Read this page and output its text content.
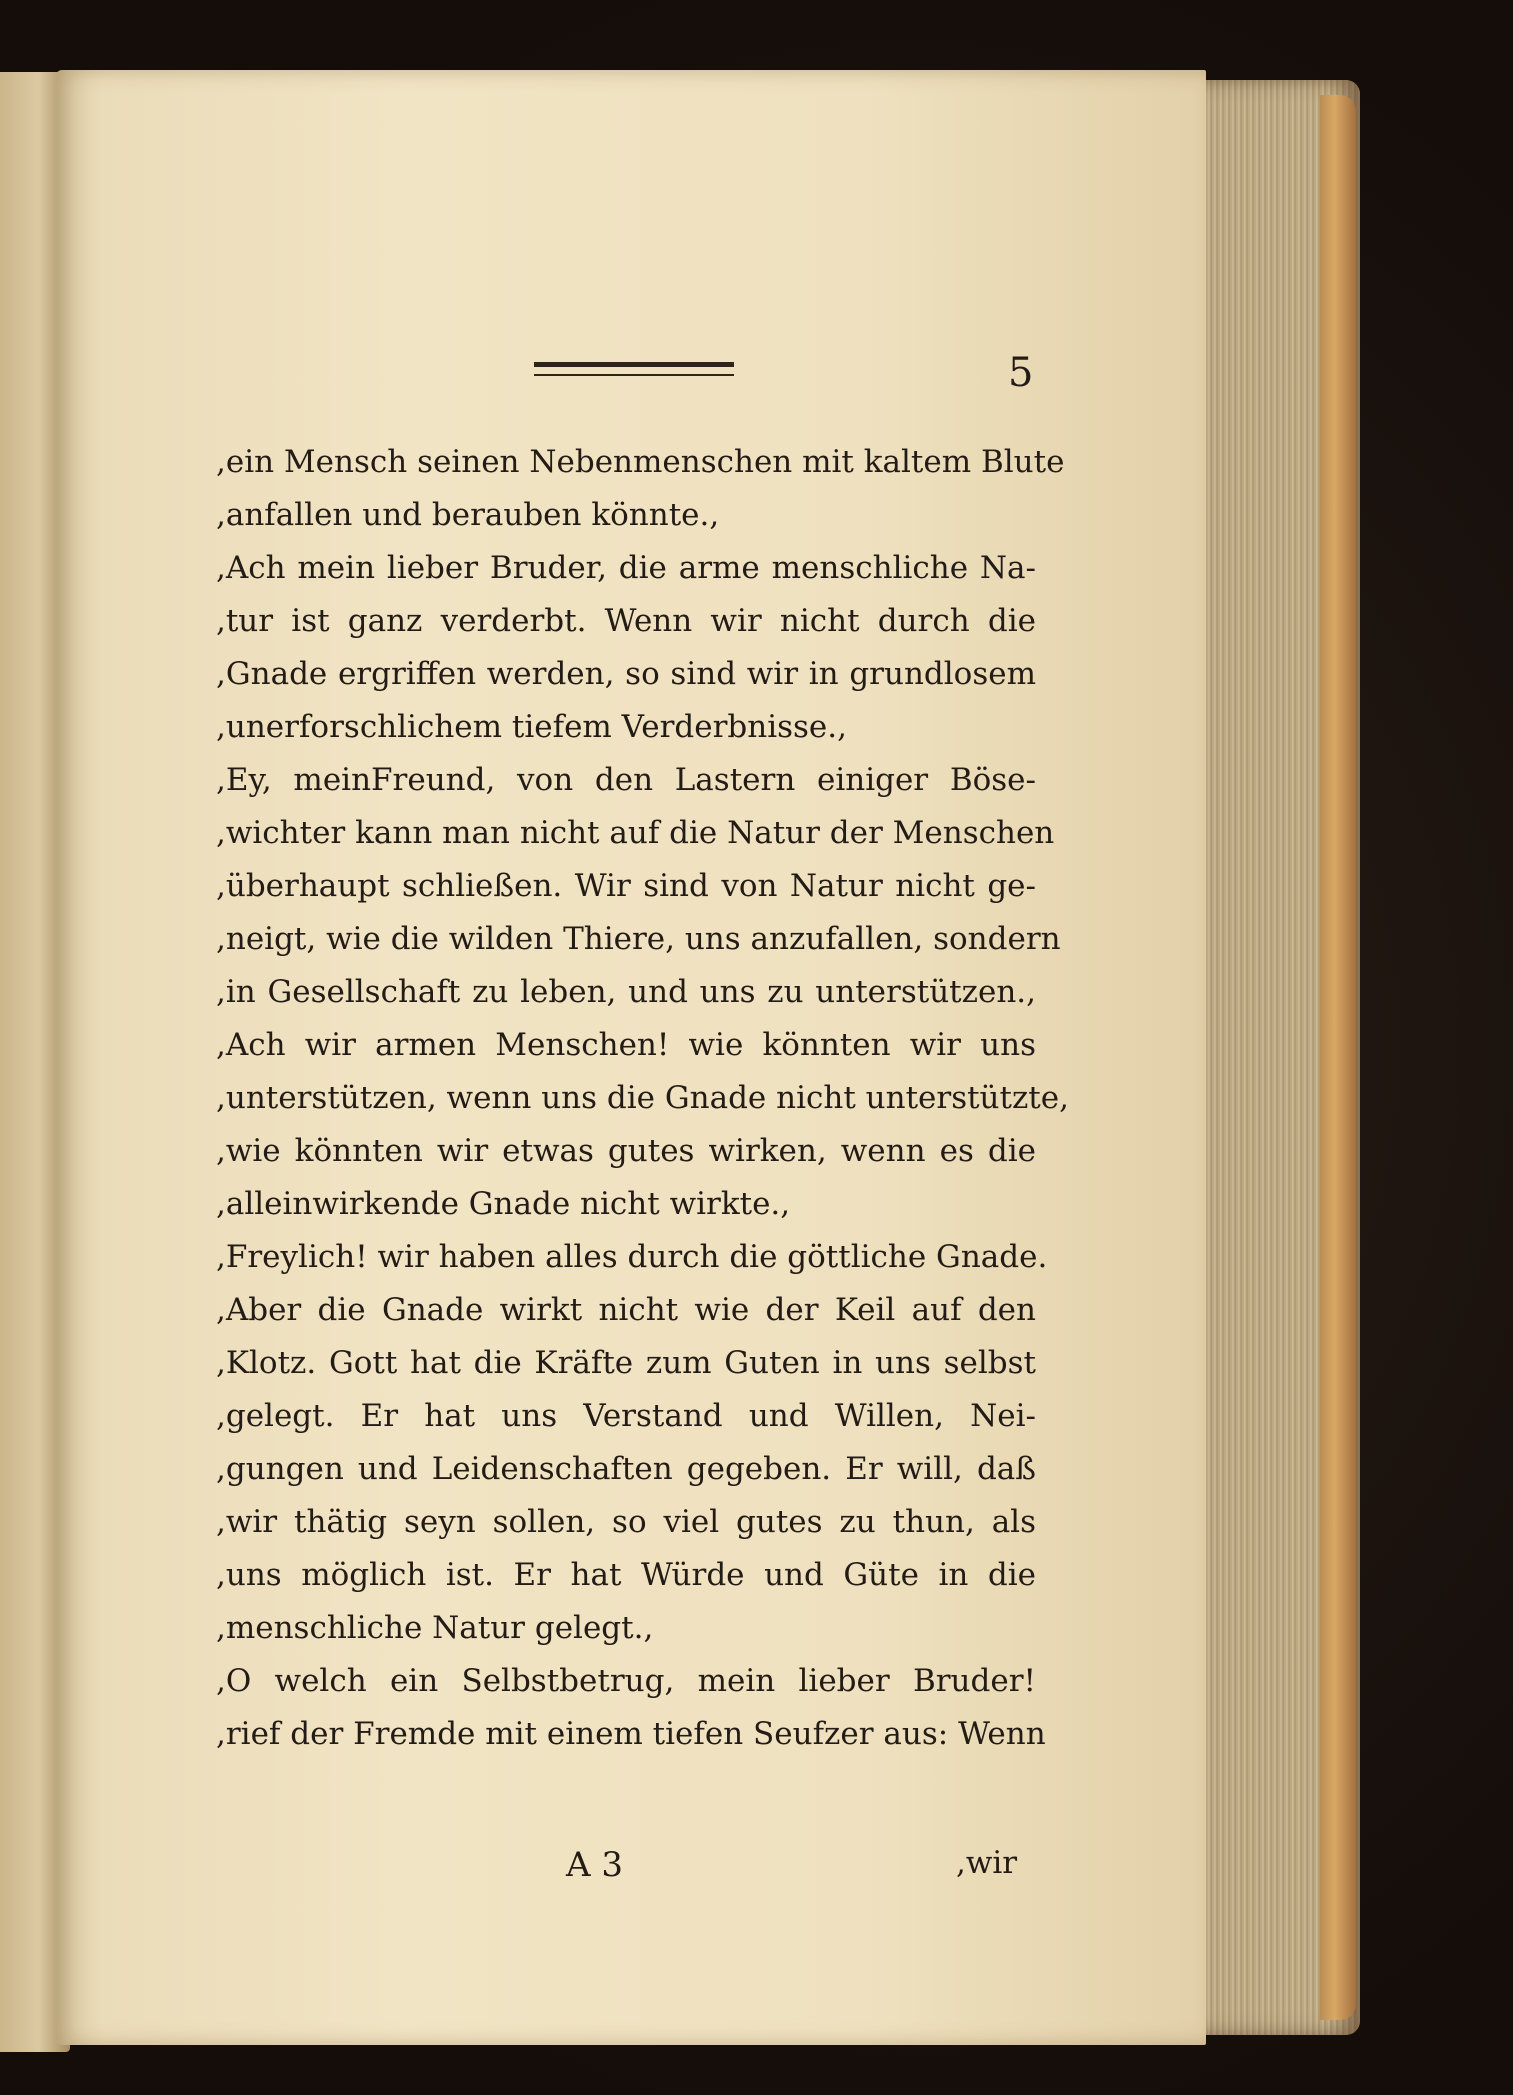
5
,ein Mensch seinen Nebenmenschen mit kaltem Blute
,anfallen und berauben könnte.,
,Ach mein lieber Bruder, die arme menschliche Na-
,tur ist ganz verderbt. Wenn wir nicht durch die
,Gnade ergriffen werden, so sind wir in grundlosem
,unerforschlichem tiefem Verderbnisse.,
,Ey, meinFreund, von den Lastern einiger Böse-
,wichter kann man nicht auf die Natur der Menschen
,überhaupt schließen. Wir sind von Natur nicht ge-
,neigt, wie die wilden Thiere, uns anzufallen, sondern
,in Gesellschaft zu leben, und uns zu unterstützen.,
,Ach wir armen Menschen! wie könnten wir uns
,unterstützen, wenn uns die Gnade nicht unterstützte,
,wie könnten wir etwas gutes wirken, wenn es die
,alleinwirkende Gnade nicht wirkte.,
,Freylich! wir haben alles durch die göttliche Gnade.
,Aber die Gnade wirkt nicht wie der Keil auf den
,Klotz. Gott hat die Kräfte zum Guten in uns selbst
,gelegt. Er hat uns Verstand und Willen, Nei-
,gungen und Leidenschaften gegeben. Er will, daß
,wir thätig seyn sollen, so viel gutes zu thun, als
,uns möglich ist. Er hat Würde und Güte in die
,menschliche Natur gelegt.,
,O welch ein Selbstbetrug, mein lieber Bruder!
,rief der Fremde mit einem tiefen Seufzer aus: Wenn
A 3	,wir
